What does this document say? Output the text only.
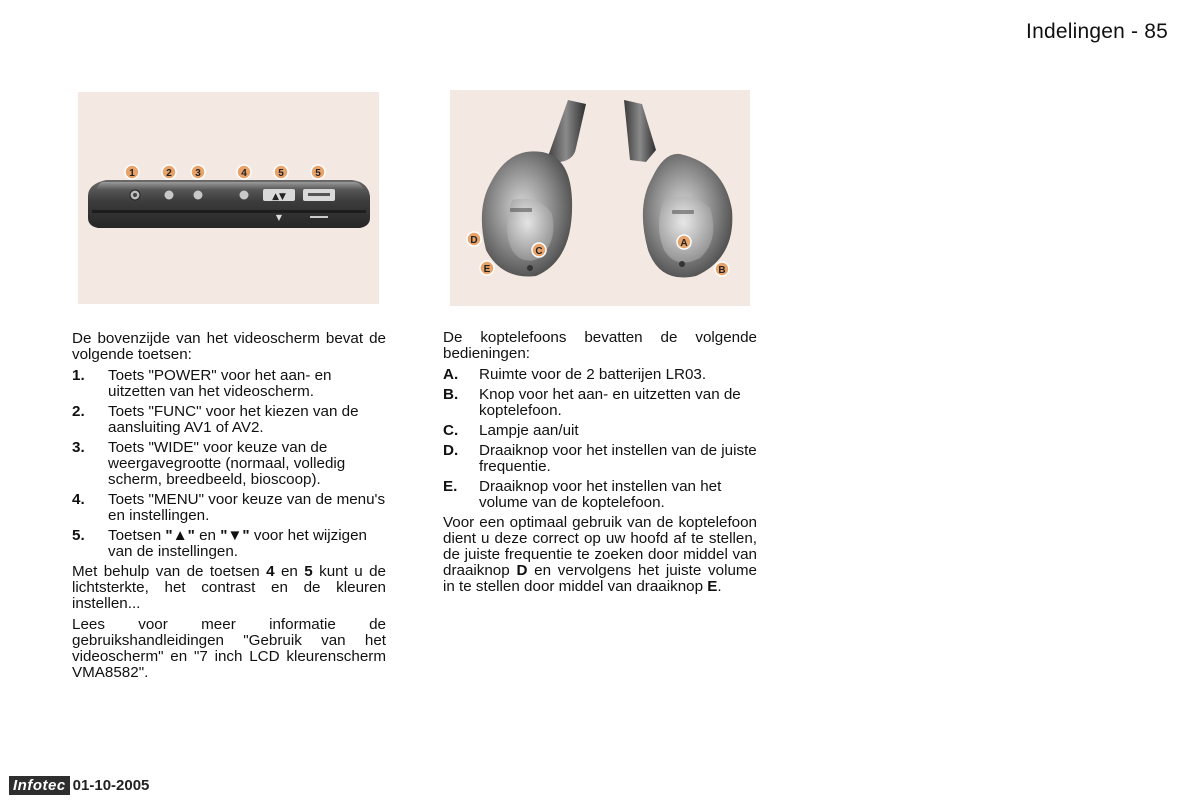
Indelingen - 85
▲▼
▼
1	2 3	4	5	5
D
C
E
A
B

De bovenzijde van het videoscherm bevat de volgende toetsen:

1. Toets "POWER" voor het aan- en uitzetten van het videoscherm.
2. Toets "FUNC" voor het kiezen van de aansluiting AV1 of AV2.
3. Toets "WIDE" voor keuze van de weergavegrootte (normaal, volledig scherm, breedbeeld, bioscoop).
4. Toets "MENU" voor keuze van de menu's en instellingen.
5. Toetsen "▲" en "▼" voor het wijzigen van de instellingen.

Met behulp van de toetsen 4 en 5 kunt u de lichtsterkte, het contrast en de kleuren instellen...

Lees voor meer informatie de gebruikshandleidingen "Gebruik van het videoscherm" en "7 inch LCD kleurenscherm VMA8582".

De koptelefoons bevatten de volgende bedieningen:

A. Ruimte voor de 2 batterijen LR03.
B. Knop voor het aan- en uitzetten van de koptelefoon.
C. Lampje aan/uit
D. Draaiknop voor het instellen van de juiste frequentie.
E. Draaiknop voor het instellen van het volume van de koptelefoon.

Voor een optimaal gebruik van de koptelefoon dient u deze correct op uw hoofd af te stellen, de juiste frequentie te zoeken door middel van draaiknop D en vervolgens het juiste volume in te stellen door middel van draaiknop E.

Infotec 01-10-2005
